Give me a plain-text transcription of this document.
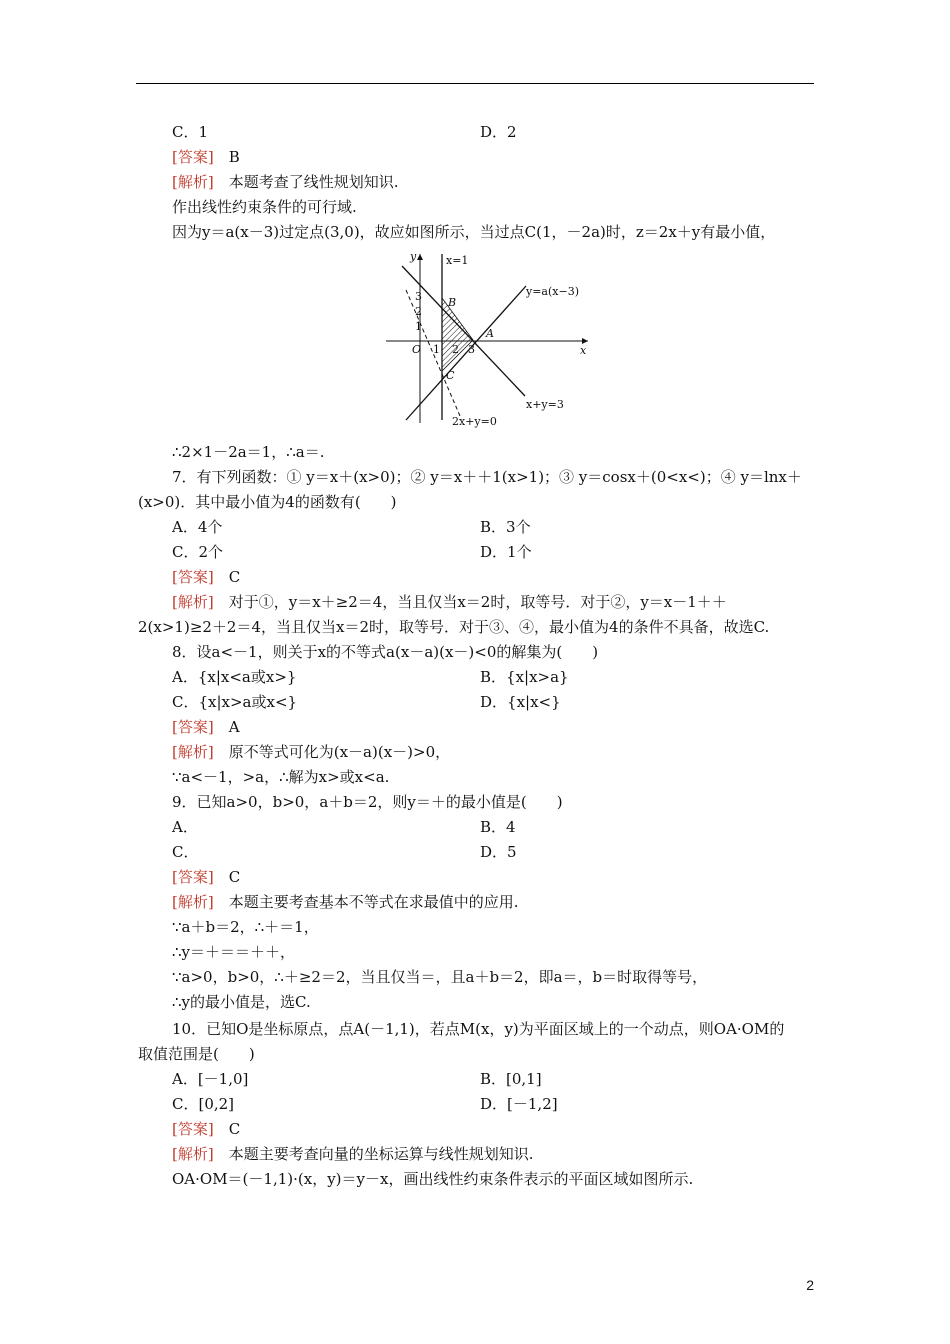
C．1	D．2
[答案]　 B
[解析]　 本题考查了线性规划知识.
作出线性约束条件的可行域.
因为y＝a(x－3)过定点(3,0)，故应如图所示，当过点C(1，－2a)时，z＝2x＋y有最小值，
y
x
O
x=1
y=a(x−3)
x+y=3
2x+y=0
A
B
C
3
2
1
1 2 3
∴2×1－2a＝1，∴a＝.
7．有下列函数：① y＝x＋(x>0)；② y＝x＋＋1(x>1)；③ y＝cosx＋(0<x<)；④ y＝lnx＋
(x>0)．其中最小值为4的函数有(　　)
A．4个	B．3个
C．2个	D．1个
[答案]　 C
[解析]　 对于①，y＝x＋≥2＝4，当且仅当x＝2时，取等号．对于②，y＝x－1＋＋
2(x>1)≥2＋2＝4，当且仅当x＝2时，取等号．对于③、④，最小值为4的条件不具备，故选C.
8．设a<－1，则关于x的不等式a(x－a)(x－)<0的解集为(　　)
A．{x|x<a或x>}	B．{x|x>a}
C．{x|x>a或x<}	D．{x|x<}
[答案]　 A
[解析]　 原不等式可化为(x－a)(x－)>0，
∵a<－1，>a，∴解为x>或x<a.
9．已知a>0，b>0，a＋b＝2，则y＝＋的最小值是(　　)
A．	B．4
C．	D．5
[答案]　 C
[解析]　 本题主要考查基本不等式在求最值中的应用.
∵a＋b＝2，∴＋＝1，
∴y＝＋＝＝＋＋，
∵a>0，b>0，∴＋≥2＝2，当且仅当＝，且a＋b＝2，即a＝，b＝时取得等号，
∴y的最小值是，选C.
10．已知O是坐标原点，点A(－1,1)，若点M(x，y)为平面区域上的一个动点，则OA·OM的
取值范围是(　　)
A．[－1,0]	B．[0,1]
C．[0,2]	D．[－1,2]
[答案]　 C
[解析]　 本题主要考查向量的坐标运算与线性规划知识.
OA·OM＝(－1,1)·(x，y)＝y－x，画出线性约束条件表示的平面区域如图所示.
2
